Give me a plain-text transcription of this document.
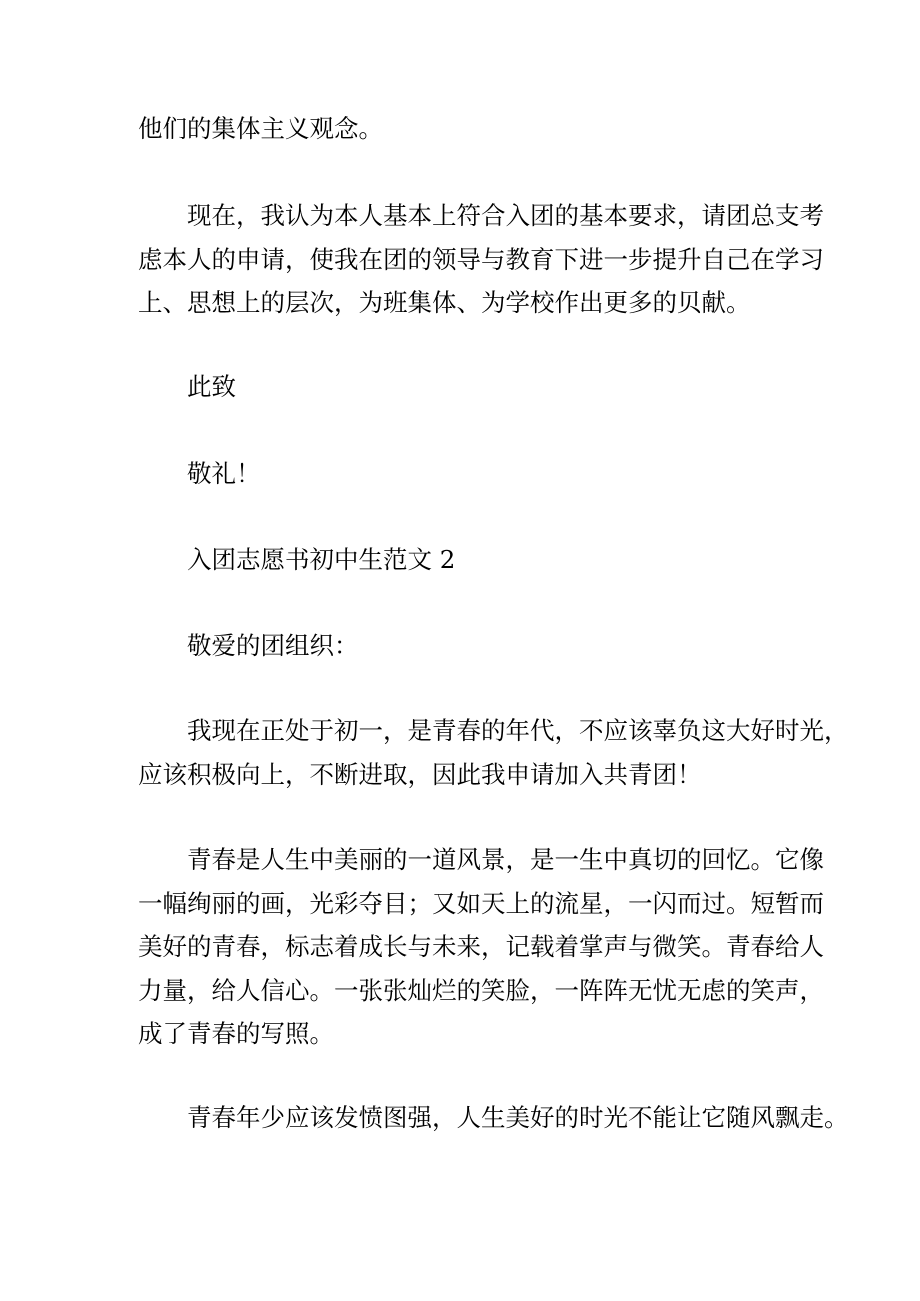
他们的集体主义观念。
现在，我认为本人基本上符合入团的基本要求，请团总支考
虑本人的申请，使我在团的领导与教育下进一步提升自己在学习
上、思想上的层次，为班集体、为学校作出更多的贝献。
此致
敬礼！
入团志愿书初中生范文 2
敬爱的团组织：
我现在正处于初一，是青春的年代，不应该辜负这大好时光，
应该积极向上，不断进取，因此我申请加入共青团！
青春是人生中美丽的一道风景，是一生中真切的回忆。它像
一幅绚丽的画，光彩夺目；又如天上的流星，一闪而过。短暂而
美好的青春，标志着成长与未来，记载着掌声与微笑。青春给人
力量，给人信心。一张张灿烂的笑脸，一阵阵无忧无虑的笑声，
成了青春的写照。
青春年少应该发愤图强，人生美好的时光不能让它随风飘走。
